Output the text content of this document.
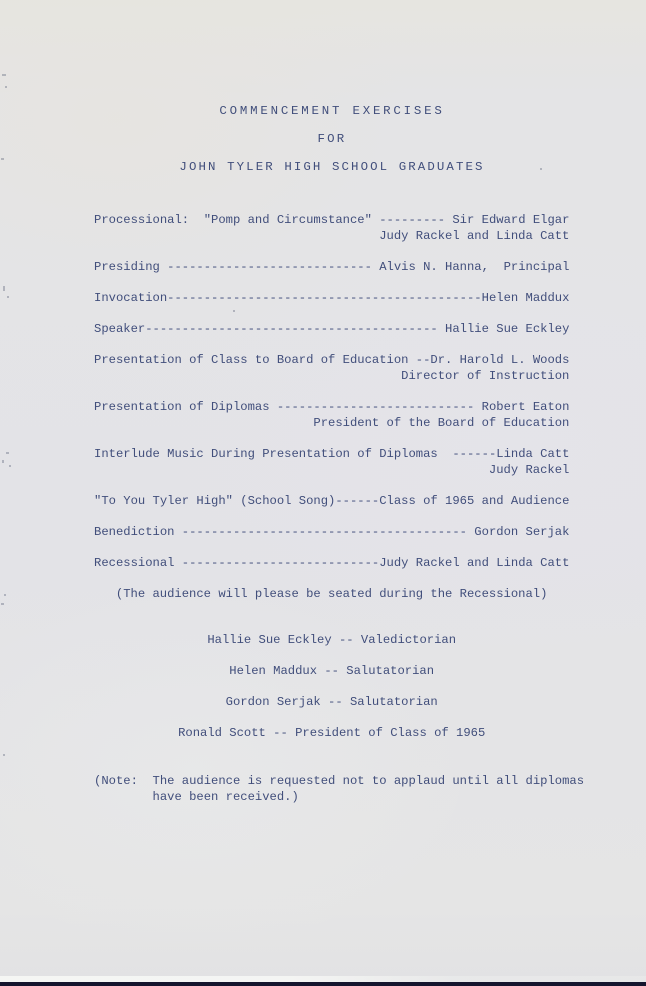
COMMENCEMENT EXERCISES
FOR
JOHN TYLER HIGH SCHOOL GRADUATES
Processional:  "Pomp and Circumstance" --------- Sir Edward Elgar
Judy Rackel and Linda Catt
Presiding ---------------------------- Alvis N. Hanna,  Principal
Invocation-------------------------------------------Helen Maddux
Speaker---------------------------------------- Hallie Sue Eckley
Presentation of Class to Board of Education --Dr. Harold L. Woods
Director of Instruction
Presentation of Diplomas --------------------------- Robert Eaton
President of the Board of Education
Interlude Music During Presentation of Diplomas  ------Linda Catt
Judy Rackel
"To You Tyler High" (School Song)------Class of 1965 and Audience
Benediction --------------------------------------- Gordon Serjak
Recessional ---------------------------Judy Rackel and Linda Catt
(The audience will please be seated during the Recessional)
Hallie Sue Eckley -- Valedictorian
Helen Maddux -- Salutatorian
Gordon Serjak -- Salutatorian
Ronald Scott -- President of Class of 1965
(Note:  The audience is requested not to applaud until all diplomas
have been received.)
